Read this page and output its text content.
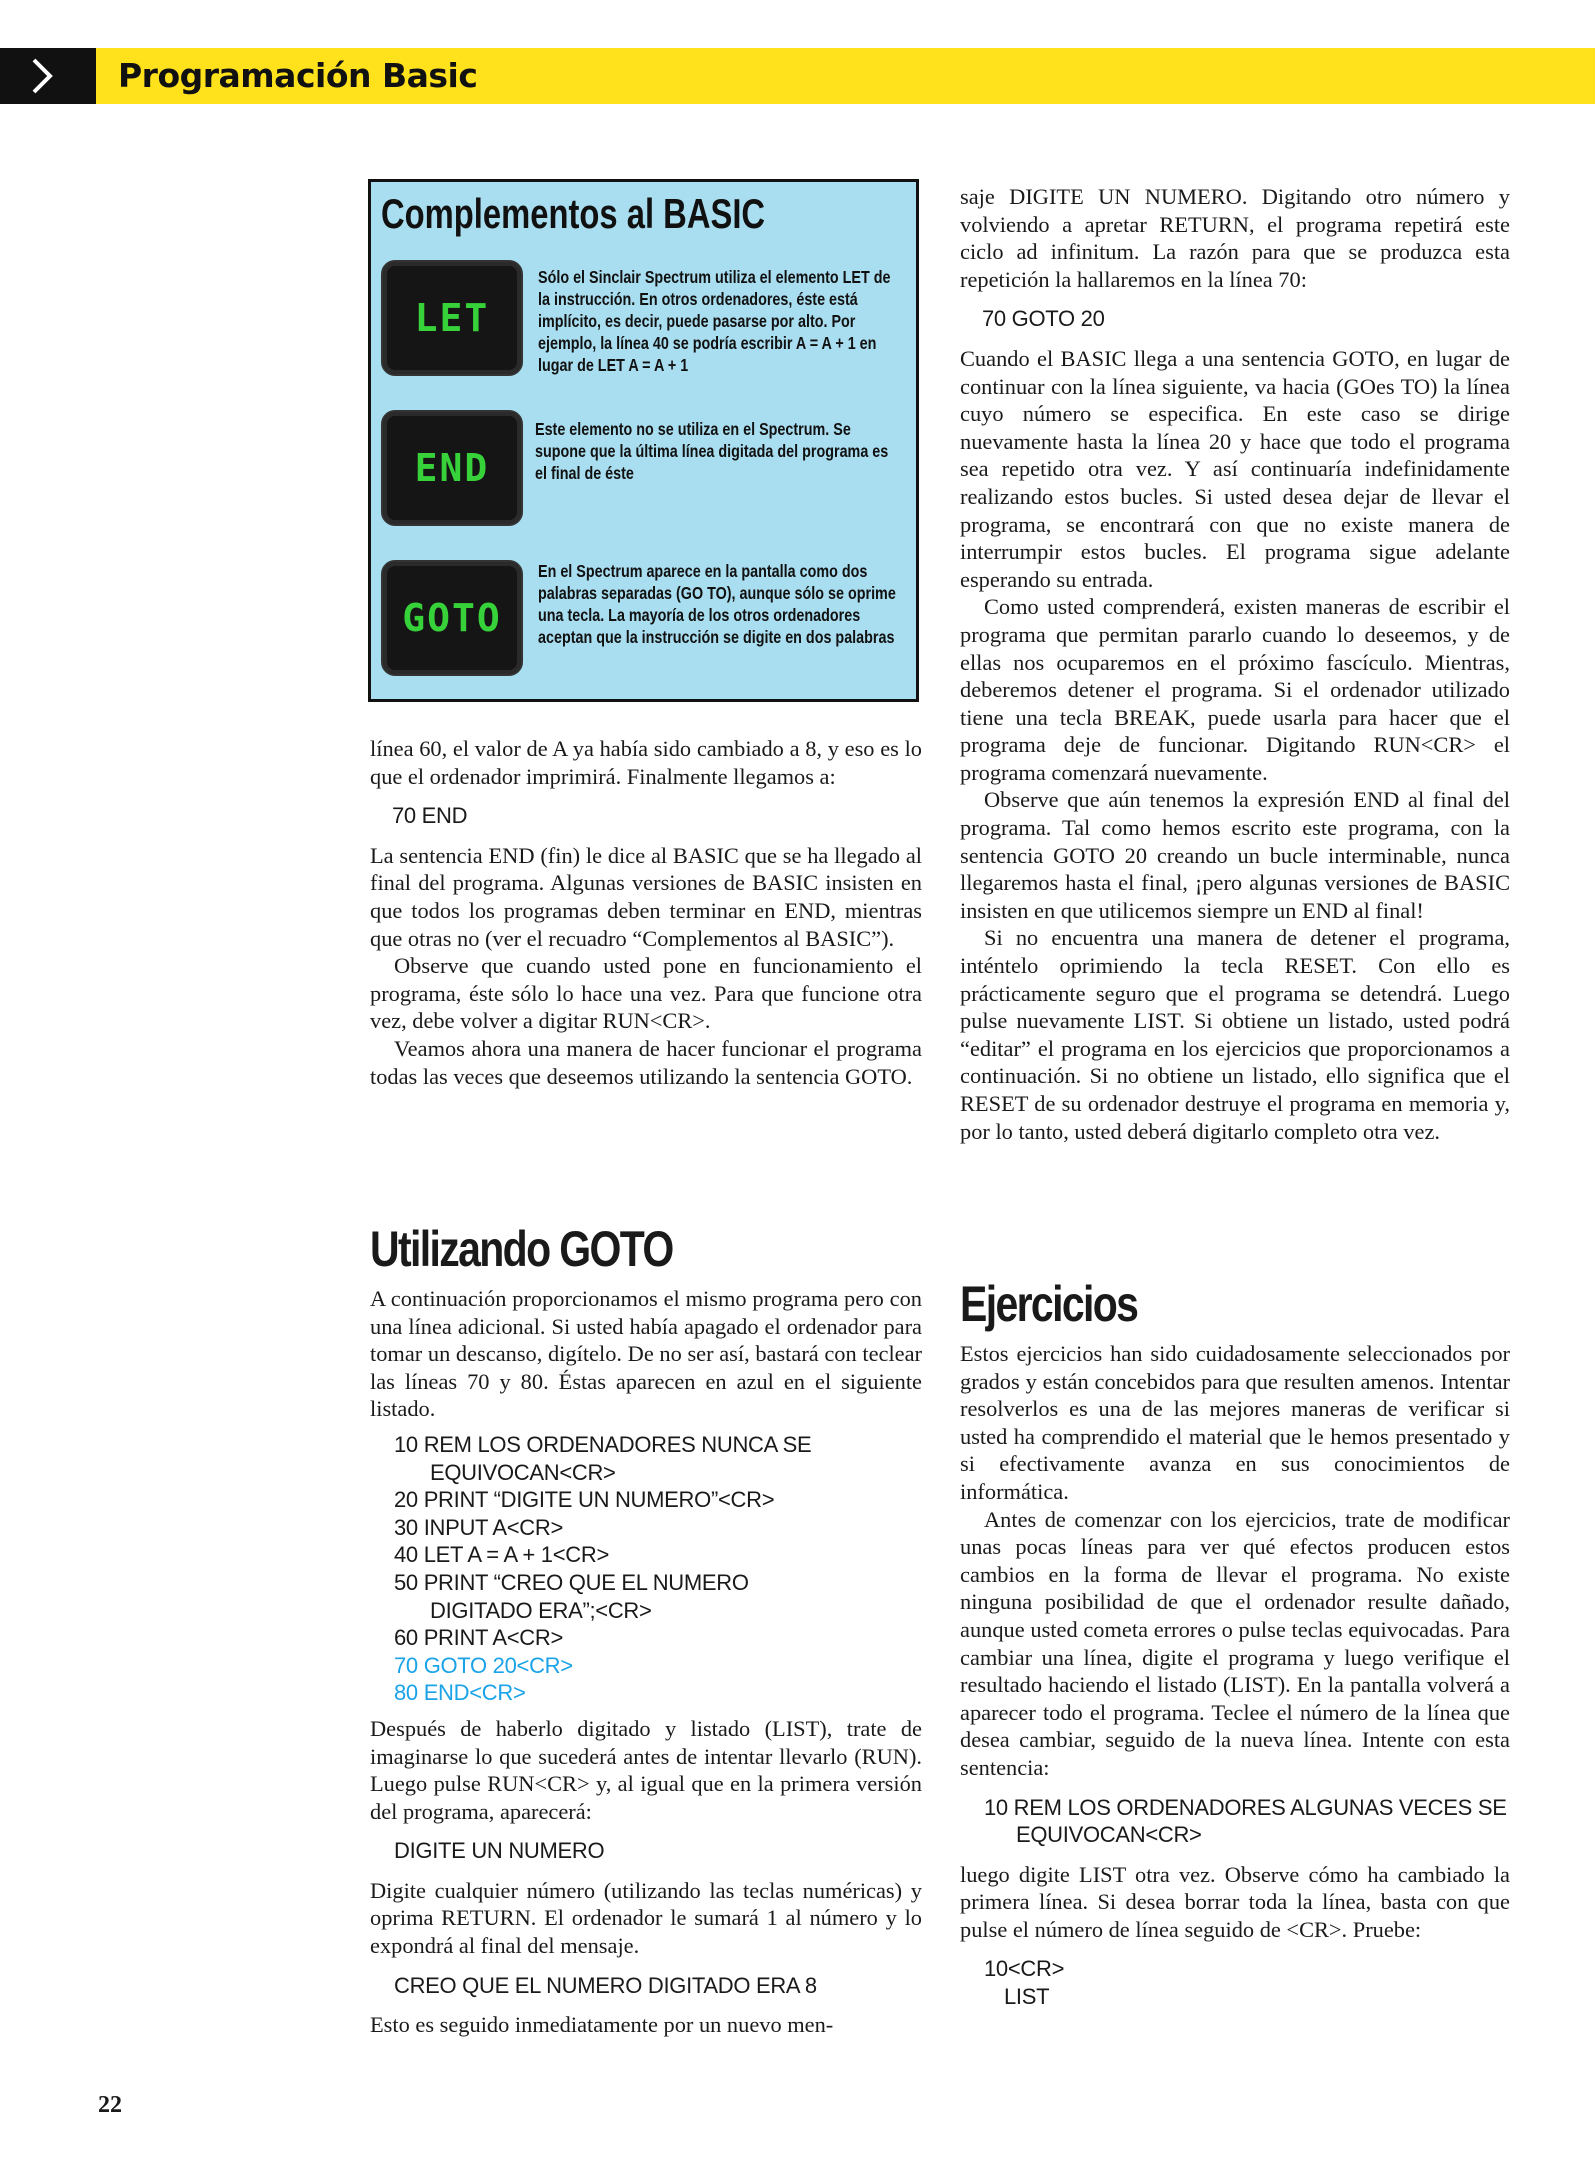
Programación Basic
Complementos al BASIC
LET
Sólo el Sinclair Spectrum utiliza el elemento LET de la instrucción. En otros ordenadores, éste está implícito, es decir, puede pasarse por alto. Por ejemplo, la línea 40 se podría escribir A = A + 1 en lugar de LET A = A + 1
END
Este elemento no se utiliza en el Spectrum. Se supone que la última línea digitada del programa es el final de éste
GOTO
En el Spectrum aparece en la pantalla como dos palabras separadas (GO TO), aunque sólo se oprime una tecla. La mayoría de los otros ordenadores aceptan que la instrucción se digite en dos palabras

línea 60, el valor de A ya había sido cambiado a 8, y eso es lo que el ordenador imprimirá. Finalmente llegamos a:

70 END

La sentencia END (fin) le dice al BASIC que se ha llegado al final del programa. Algunas versiones de BASIC insisten en que todos los programas deben terminar en END, mientras que otras no (ver el recuadro “Complementos al BASIC”).

Observe que cuando usted pone en funcionamiento el programa, éste sólo lo hace una vez. Para que funcione otra vez, debe volver a digitar RUN<CR>.

Veamos ahora una manera de hacer funcionar el programa todas las veces que deseemos utilizando la sentencia GOTO.

Utilizando GOTO

A continuación proporcionamos el mismo programa pero con una línea adicional. Si usted había apagado el ordenador para tomar un descanso, digítelo. De no ser así, bastará con teclear las líneas 70 y 80. Éstas aparecen en azul en el siguiente listado.

10 REM LOS ORDENADORES NUNCA SE
EQUIVOCAN<CR>
20 PRINT “DIGITE UN NUMERO”<CR>
30 INPUT A<CR>
40 LET A = A + 1<CR>
50 PRINT “CREO QUE EL NUMERO
DIGITADO ERA”;<CR>
60 PRINT A<CR>
70 GOTO 20<CR>
80 END<CR>

Después de haberlo digitado y listado (LIST), trate de imaginarse lo que sucederá antes de intentar llevarlo (RUN). Luego pulse RUN<CR> y, al igual que en la primera versión del programa, aparecerá:

DIGITE UN NUMERO

Digite cualquier número (utilizando las teclas numéricas) y oprima RETURN. El ordenador le sumará 1 al número y lo expondrá al final del mensaje.

CREO QUE EL NUMERO DIGITADO ERA 8

Esto es seguido inmediatamente por un nuevo men-

saje DIGITE UN NUMERO. Digitando otro número y volviendo a apretar RETURN, el programa repetirá este ciclo ad infinitum. La razón para que se produzca esta repetición la hallaremos en la línea 70:

70 GOTO 20

Cuando el BASIC llega a una sentencia GOTO, en lugar de continuar con la línea siguiente, va hacia (GOes TO) la línea cuyo número se especifica. En este caso se dirige nuevamente hasta la línea 20 y hace que todo el programa sea repetido otra vez. Y así continuaría indefinidamente realizando estos bucles. Si usted desea dejar de llevar el programa, se encontrará con que no existe manera de interrumpir estos bucles. El programa sigue adelante esperando su entrada.

Como usted comprenderá, existen maneras de escribir el programa que permitan pararlo cuando lo deseemos, y de ellas nos ocuparemos en el próximo fascículo. Mientras, deberemos detener el programa. Si el ordenador utilizado tiene una tecla BREAK, puede usarla para hacer que el programa deje de funcionar. Digitando RUN<CR> el programa comenzará nuevamente.

Observe que aún tenemos la expresión END al final del programa. Tal como hemos escrito este programa, con la sentencia GOTO 20 creando un bucle interminable, nunca llegaremos hasta el final, ¡pero algunas versiones de BASIC insisten en que utilicemos siempre un END al final!

Si no encuentra una manera de detener el programa, inténtelo oprimiendo la tecla RESET. Con ello es prácticamente seguro que el programa se detendrá. Luego pulse nuevamente LIST. Si obtiene un listado, usted podrá “editar” el programa en los ejercicios que proporcionamos a continuación. Si no obtiene un listado, ello significa que el RESET de su ordenador destruye el programa en memoria y, por lo tanto, usted deberá digitarlo completo otra vez.

Ejercicios

Estos ejercicios han sido cuidadosamente seleccionados por grados y están concebidos para que resulten amenos. Intentar resolverlos es una de las mejores maneras de verificar si usted ha comprendido el material que le hemos presentado y si efectivamente avanza en sus conocimientos de informática.

Antes de comenzar con los ejercicios, trate de modificar unas pocas líneas para ver qué efectos producen estos cambios en la forma de llevar el programa. No existe ninguna posibilidad de que el ordenador resulte dañado, aunque usted cometa errores o pulse teclas equivocadas. Para cambiar una línea, digite el programa y luego verifique el resultado haciendo el listado (LIST). En la pantalla volverá a aparecer todo el programa. Teclee el número de la línea que desea cambiar, seguido de la nueva línea. Intente con esta sentencia:

10 REM LOS ORDENADORES ALGUNAS VECES SE
EQUIVOCAN<CR>

luego digite LIST otra vez. Observe cómo ha cambiado la primera línea. Si desea borrar toda la línea, basta con que pulse el número de línea seguido de <CR>. Pruebe:

10<CR>
LIST
22
